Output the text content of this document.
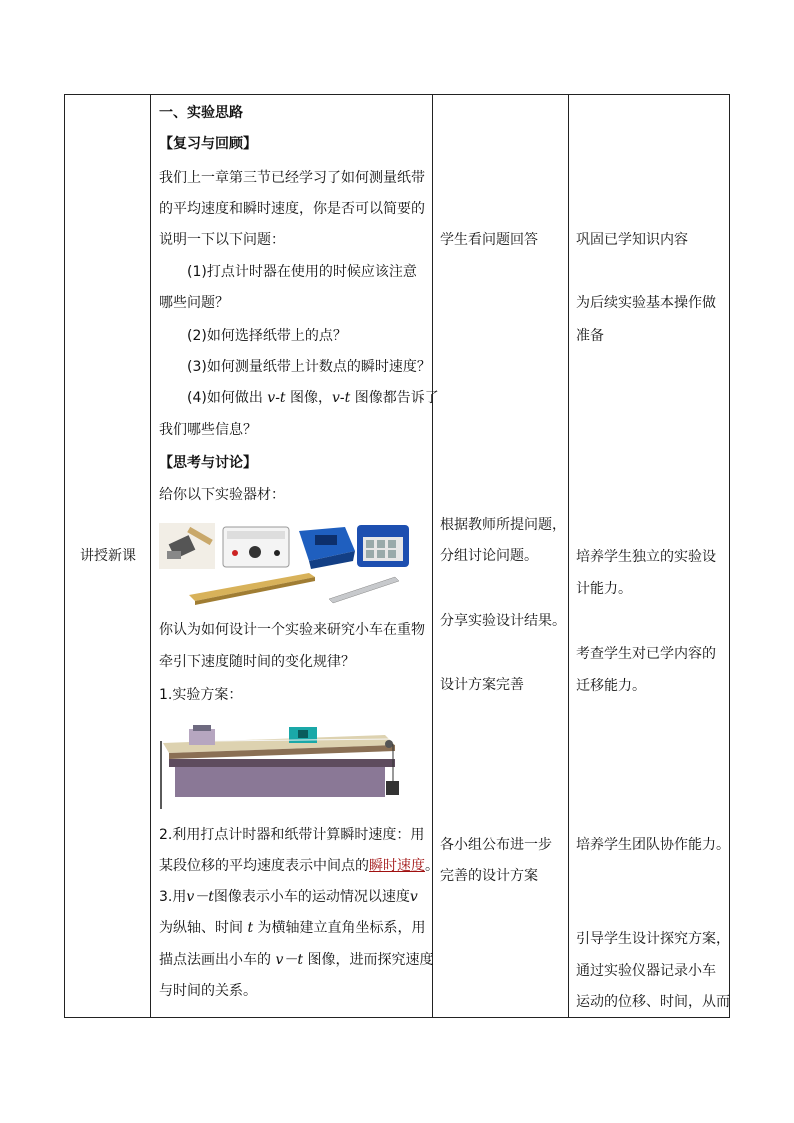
讲授新课
一、实验思路
【复习与回顾】
我们上一章第三节已经学习了如何测量纸带
的平均速度和瞬时速度，你是否可以简要的
说明一下以下问题：
(1)打点计时器在使用的时候应该注意
哪些问题？
(2)如何选择纸带上的点？
(3)如何测量纸带上计数点的瞬时速度？
(4)如何做出 v-t 图像，v-t 图像都告诉了
我们哪些信息？
【思考与讨论】
给你以下实验器材：
你认为如何设计一个实验来研究小车在重物
牵引下速度随时间的变化规律？
1.实验方案：
2.利用打点计时器和纸带计算瞬时速度：用
某段位移的平均速度表示中间点的瞬时速度。
3.用v－t图像表示小车的运动情况以速度v
为纵轴、时间 t 为横轴建立直角坐标系，用
描点法画出小车的 v－t 图像，进而探究速度
与时间的关系。
学生看问题回答
根据教师所提问题，
分组讨论问题。
分享实验设计结果。
设计方案完善
各小组公布进一步
完善的设计方案
巩固已学知识内容
为后续实验基本操作做
准备
培养学生独立的实验设
计能力。
考查学生对已学内容的
迁移能力。
培养学生团队协作能力。
引导学生设计探究方案，
通过实验仪器记录小车
运动的位移、时间，从而
